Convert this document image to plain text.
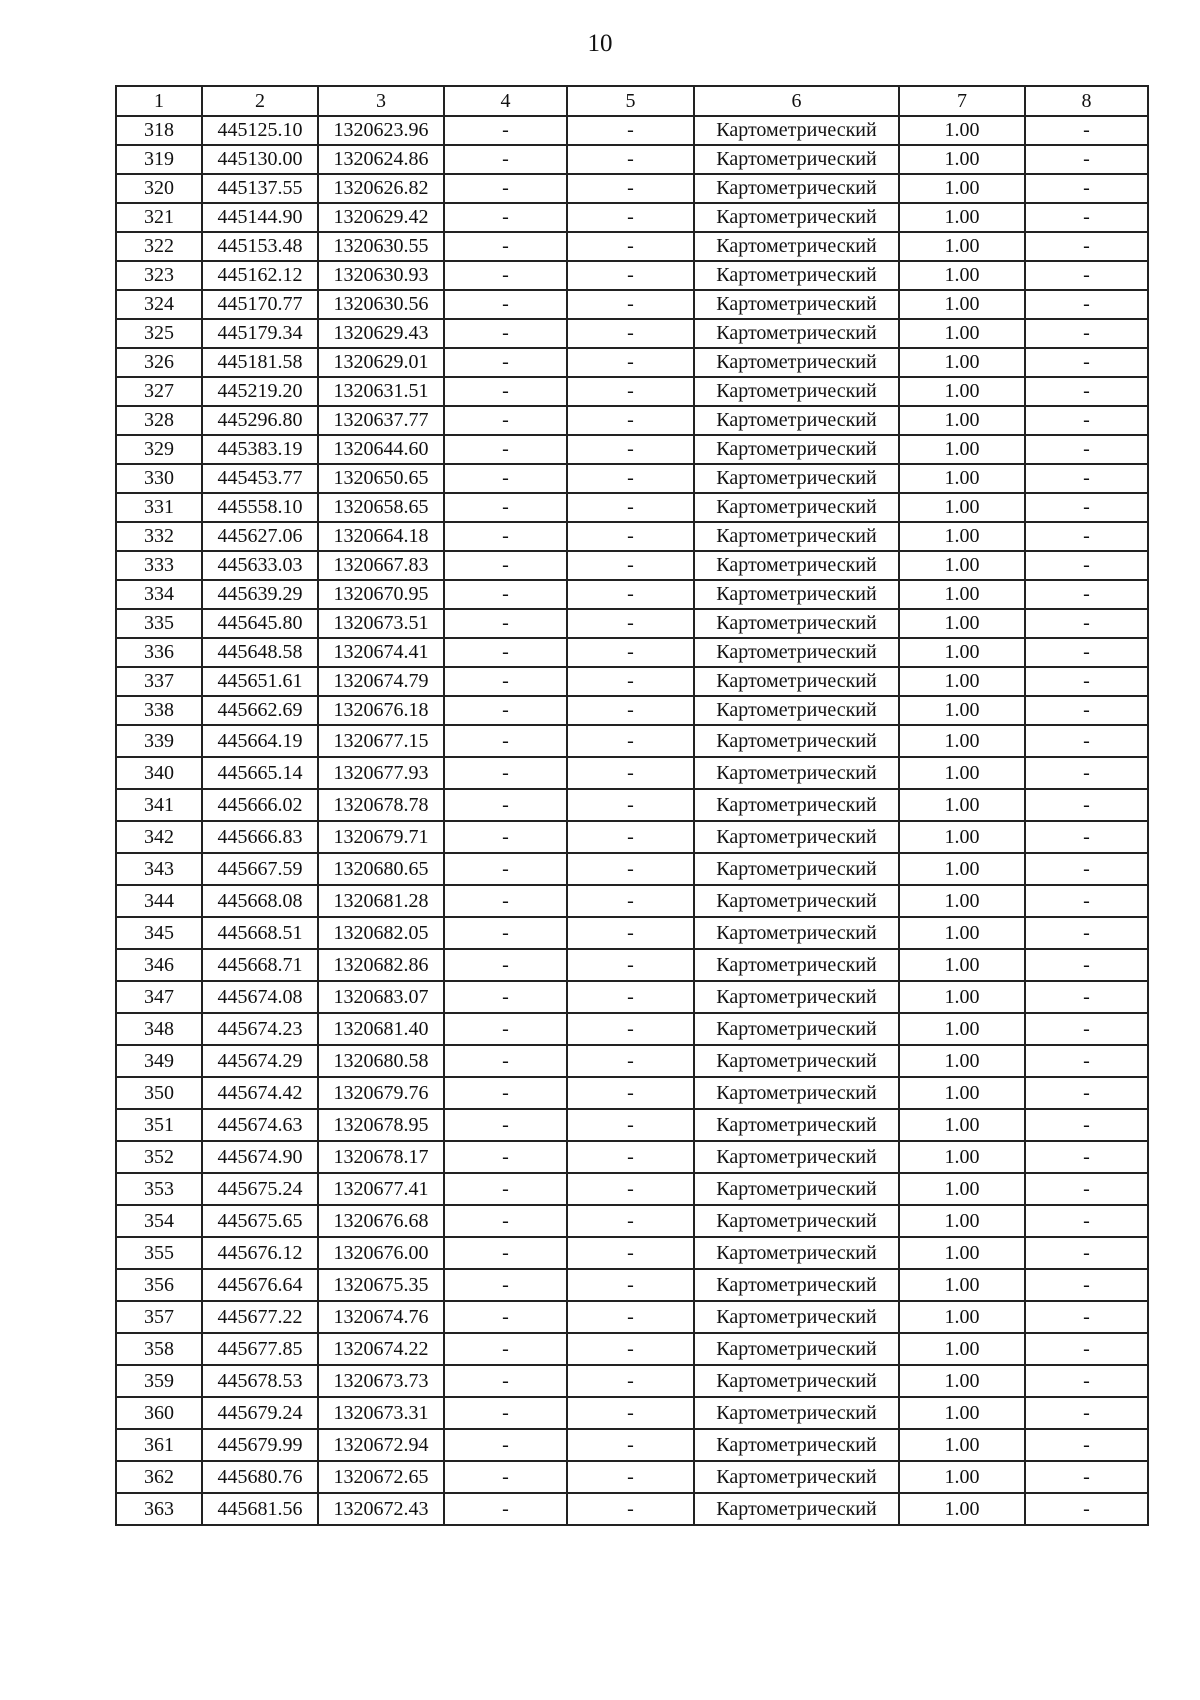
10
1	2	3	4	5	6	7	8
318	445125.10	1320623.96	-	-	Картометрический	1.00	-
319	445130.00	1320624.86	-	-	Картометрический	1.00	-
320	445137.55	1320626.82	-	-	Картометрический	1.00	-
321	445144.90	1320629.42	-	-	Картометрический	1.00	-
322	445153.48	1320630.55	-	-	Картометрический	1.00	-
323	445162.12	1320630.93	-	-	Картометрический	1.00	-
324	445170.77	1320630.56	-	-	Картометрический	1.00	-
325	445179.34	1320629.43	-	-	Картометрический	1.00	-
326	445181.58	1320629.01	-	-	Картометрический	1.00	-
327	445219.20	1320631.51	-	-	Картометрический	1.00	-
328	445296.80	1320637.77	-	-	Картометрический	1.00	-
329	445383.19	1320644.60	-	-	Картометрический	1.00	-
330	445453.77	1320650.65	-	-	Картометрический	1.00	-
331	445558.10	1320658.65	-	-	Картометрический	1.00	-
332	445627.06	1320664.18	-	-	Картометрический	1.00	-
333	445633.03	1320667.83	-	-	Картометрический	1.00	-
334	445639.29	1320670.95	-	-	Картометрический	1.00	-
335	445645.80	1320673.51	-	-	Картометрический	1.00	-
336	445648.58	1320674.41	-	-	Картометрический	1.00	-
337	445651.61	1320674.79	-	-	Картометрический	1.00	-
338	445662.69	1320676.18	-	-	Картометрический	1.00	-
339	445664.19	1320677.15	-	-	Картометрический	1.00	-
340	445665.14	1320677.93	-	-	Картометрический	1.00	-
341	445666.02	1320678.78	-	-	Картометрический	1.00	-
342	445666.83	1320679.71	-	-	Картометрический	1.00	-
343	445667.59	1320680.65	-	-	Картометрический	1.00	-
344	445668.08	1320681.28	-	-	Картометрический	1.00	-
345	445668.51	1320682.05	-	-	Картометрический	1.00	-
346	445668.71	1320682.86	-	-	Картометрический	1.00	-
347	445674.08	1320683.07	-	-	Картометрический	1.00	-
348	445674.23	1320681.40	-	-	Картометрический	1.00	-
349	445674.29	1320680.58	-	-	Картометрический	1.00	-
350	445674.42	1320679.76	-	-	Картометрический	1.00	-
351	445674.63	1320678.95	-	-	Картометрический	1.00	-
352	445674.90	1320678.17	-	-	Картометрический	1.00	-
353	445675.24	1320677.41	-	-	Картометрический	1.00	-
354	445675.65	1320676.68	-	-	Картометрический	1.00	-
355	445676.12	1320676.00	-	-	Картометрический	1.00	-
356	445676.64	1320675.35	-	-	Картометрический	1.00	-
357	445677.22	1320674.76	-	-	Картометрический	1.00	-
358	445677.85	1320674.22	-	-	Картометрический	1.00	-
359	445678.53	1320673.73	-	-	Картометрический	1.00	-
360	445679.24	1320673.31	-	-	Картометрический	1.00	-
361	445679.99	1320672.94	-	-	Картометрический	1.00	-
362	445680.76	1320672.65	-	-	Картометрический	1.00	-
363	445681.56	1320672.43	-	-	Картометрический	1.00	-
